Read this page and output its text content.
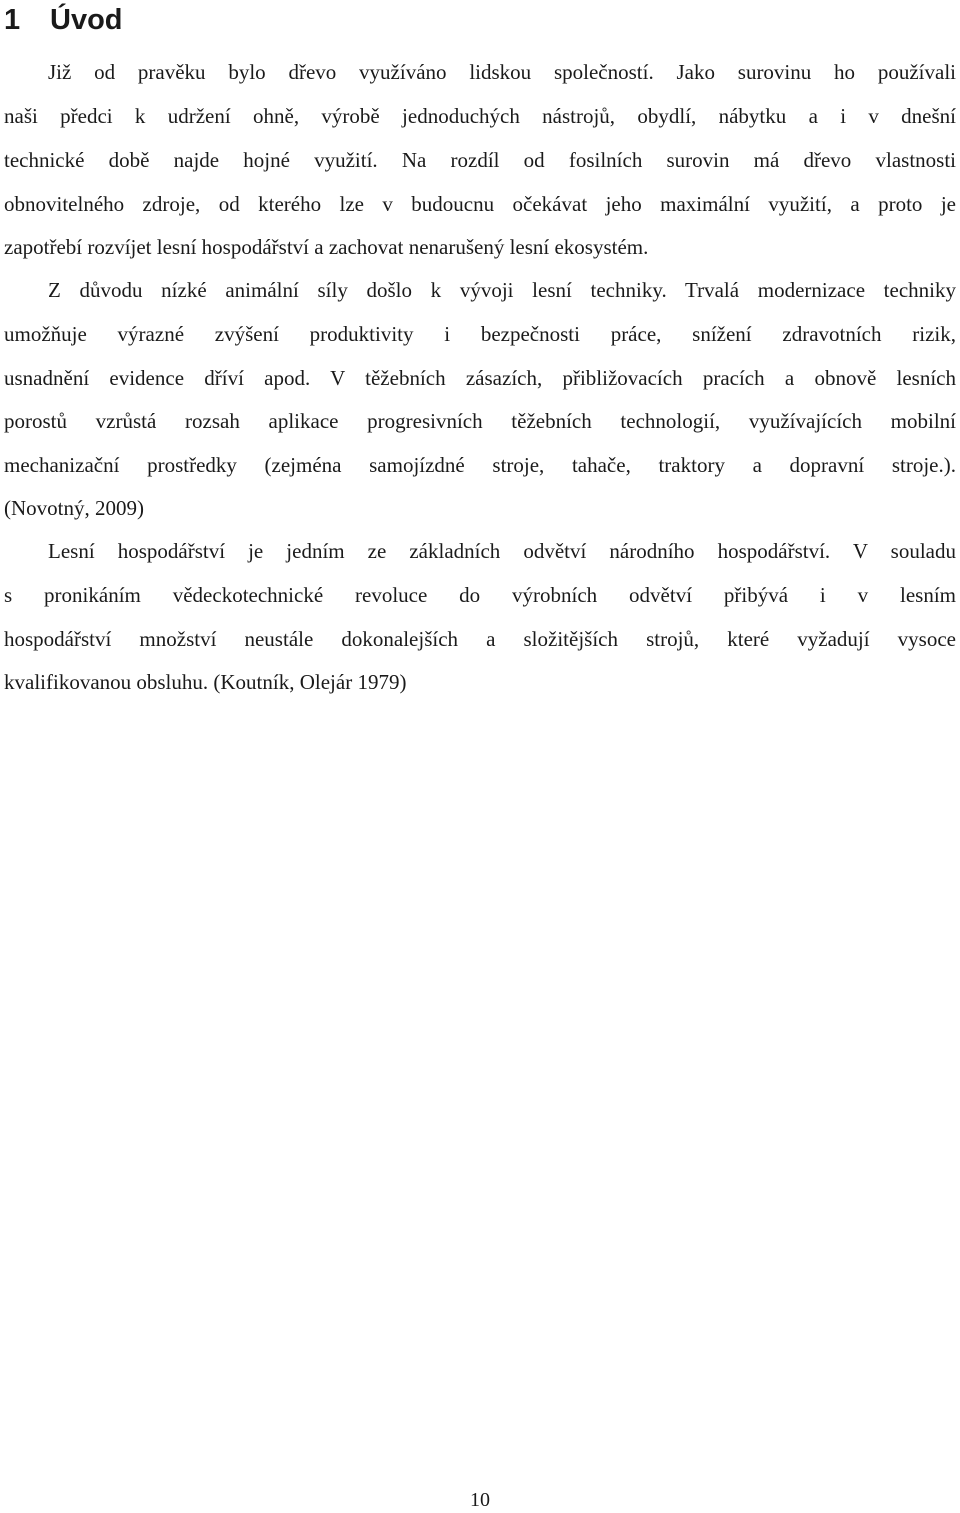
1 Úvod

Již od pravěku bylo dřevo využíváno lidskou společností. Jako surovinu ho používali

naši předci k udržení ohně, výrobě jednoduchých nástrojů, obydlí, nábytku a i v dnešní

technické době najde hojné využití. Na rozdíl od fosilních surovin má dřevo vlastnosti

obnovitelného zdroje, od kterého lze v budoucnu očekávat jeho maximální využití, a proto je

zapotřebí rozvíjet lesní hospodářství a zachovat nenarušený lesní ekosystém.

Z důvodu nízké animální síly došlo k vývoji lesní techniky. Trvalá modernizace techniky

umožňuje výrazné zvýšení produktivity i bezpečnosti práce, snížení zdravotních rizik,

usnadnění evidence dříví apod. V těžebních zásazích, přibližovacích pracích a obnově lesních

porostů vzrůstá rozsah aplikace progresivních těžebních technologií, využívajících mobilní

mechanizační prostředky (zejména samojízdné stroje, tahače, traktory a dopravní stroje.).

(Novotný, 2009)

Lesní hospodářství je jedním ze základních odvětví národního hospodářství. V souladu

s pronikáním vědeckotechnické revoluce do výrobních odvětví přibývá i v lesním

hospodářství množství neustále dokonalejších a složitějších strojů, které vyžadují vysoce

kvalifikovanou obsluhu. (Koutník, Olejár 1979)

10
